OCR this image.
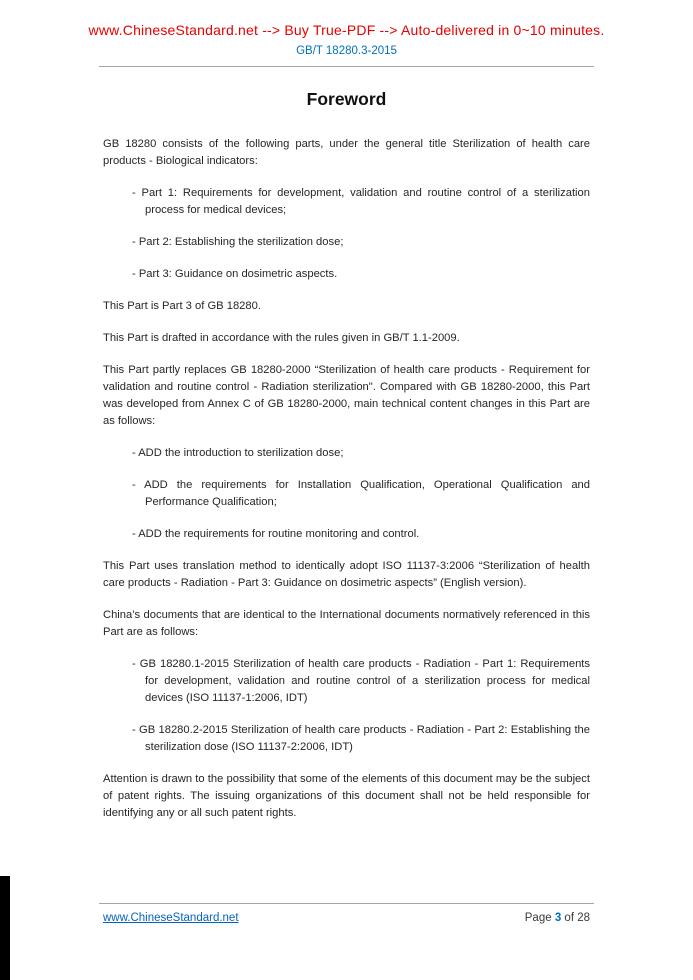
www.ChineseStandard.net --> Buy True-PDF --> Auto-delivered in 0~10 minutes.
GB/T 18280.3-2015
Foreword
GB 18280 consists of the following parts, under the general title Sterilization of health care products - Biological indicators:
- Part 1: Requirements for development, validation and routine control of a sterilization process for medical devices;
- Part 2: Establishing the sterilization dose;
- Part 3: Guidance on dosimetric aspects.
This Part is Part 3 of GB 18280.
This Part is drafted in accordance with the rules given in GB/T 1.1-2009.
This Part partly replaces GB 18280-2000 “Sterilization of health care products - Requirement for validation and routine control - Radiation sterilization". Compared with GB 18280-2000, this Part was developed from Annex C of GB 18280-2000, main technical content changes in this Part are as follows:
- ADD the introduction to sterilization dose;
- ADD the requirements for Installation Qualification, Operational Qualification and Performance Qualification;
- ADD the requirements for routine monitoring and control.
This Part uses translation method to identically adopt ISO 11137-3:2006 “Sterilization of health care products - Radiation - Part 3: Guidance on dosimetric aspects” (English version).
China’s documents that are identical to the International documents normatively referenced in this Part are as follows:
- GB 18280.1-2015 Sterilization of health care products - Radiation - Part 1: Requirements for development, validation and routine control of a sterilization process for medical devices (ISO 11137-1:2006, IDT)
- GB 18280.2-2015 Sterilization of health care products - Radiation - Part 2: Establishing the sterilization dose (ISO 11137-2:2006, IDT)
Attention is drawn to the possibility that some of the elements of this document may be the subject of patent rights. The issuing organizations of this document shall not be held responsible for identifying any or all such patent rights.
www.ChineseStandard.net	Page 3 of 28
